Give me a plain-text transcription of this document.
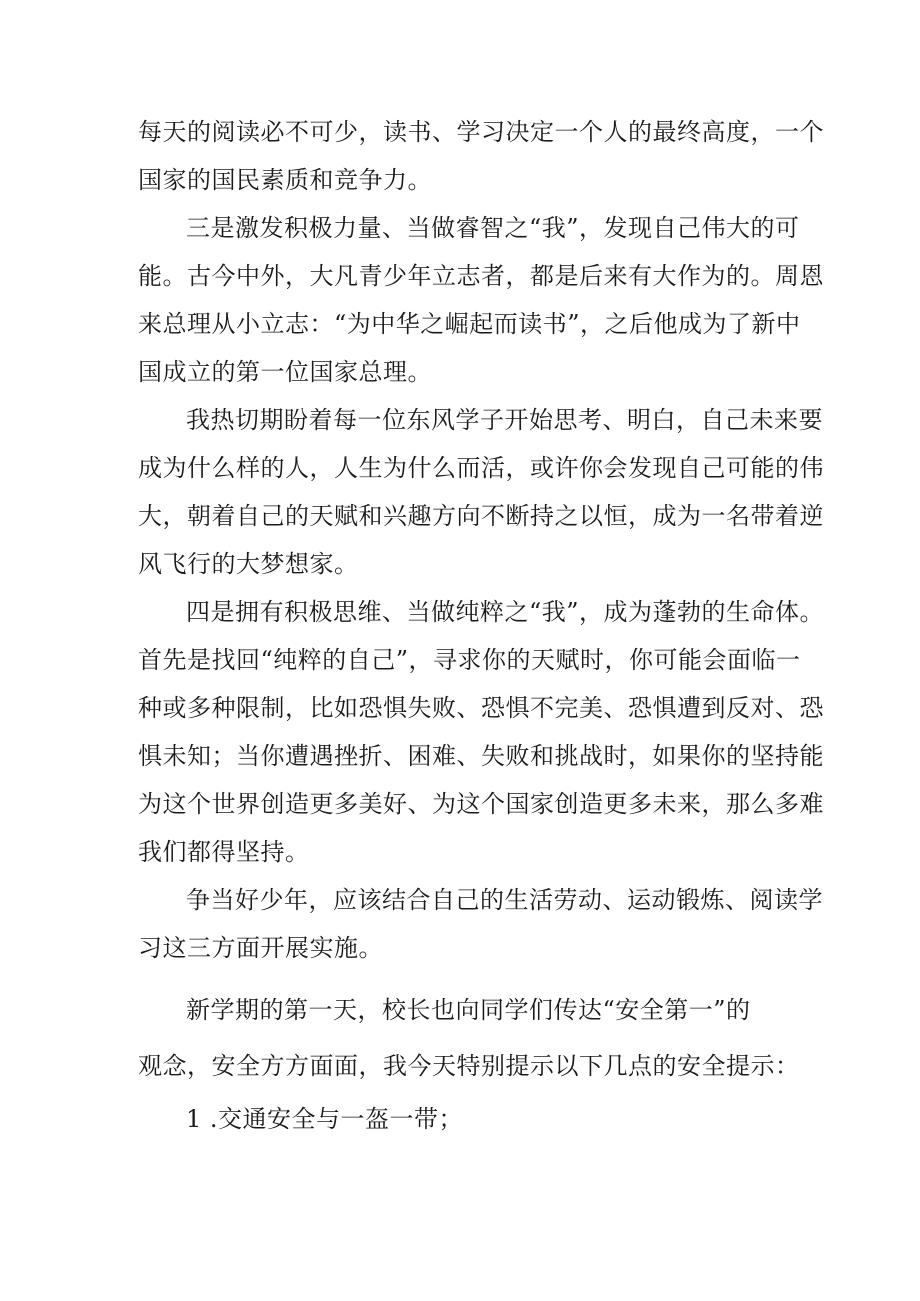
每天的阅读必不可少，读书、学习决定一个人的最终高度，一个
国家的国民素质和竞争力。
三是激发积极力量、当做睿智之“我”，发现自己伟大的可
能。古今中外，大凡青少年立志者，都是后来有大作为的。周恩
来总理从小立志：“为中华之崛起而读书”，之后他成为了新中
国成立的第一位国家总理。
我热切期盼着每一位东风学子开始思考、明白，自己未来要
成为什么样的人，人生为什么而活，或许你会发现自己可能的伟
大，朝着自己的天赋和兴趣方向不断持之以恒，成为一名带着逆
风飞行的大梦想家。
四是拥有积极思维、当做纯粹之“我”，成为蓬勃的生命体。
首先是找回“纯粹的自己”，寻求你的天赋时，你可能会面临一
种或多种限制，比如恐惧失败、恐惧不完美、恐惧遭到反对、恐
惧未知；当你遭遇挫折、困难、失败和挑战时，如果你的坚持能
为这个世界创造更多美好、为这个国家创造更多未来，那么多难
我们都得坚持。
争当好少年，应该结合自己的生活劳动、运动锻炼、阅读学
习这三方面开展实施。
新学期的第一天，校长也向同学们传达“安全第一”的
观念，安全方方面面，我今天特别提示以下几点的安全提示：
1 .交通安全与一盔一带；
